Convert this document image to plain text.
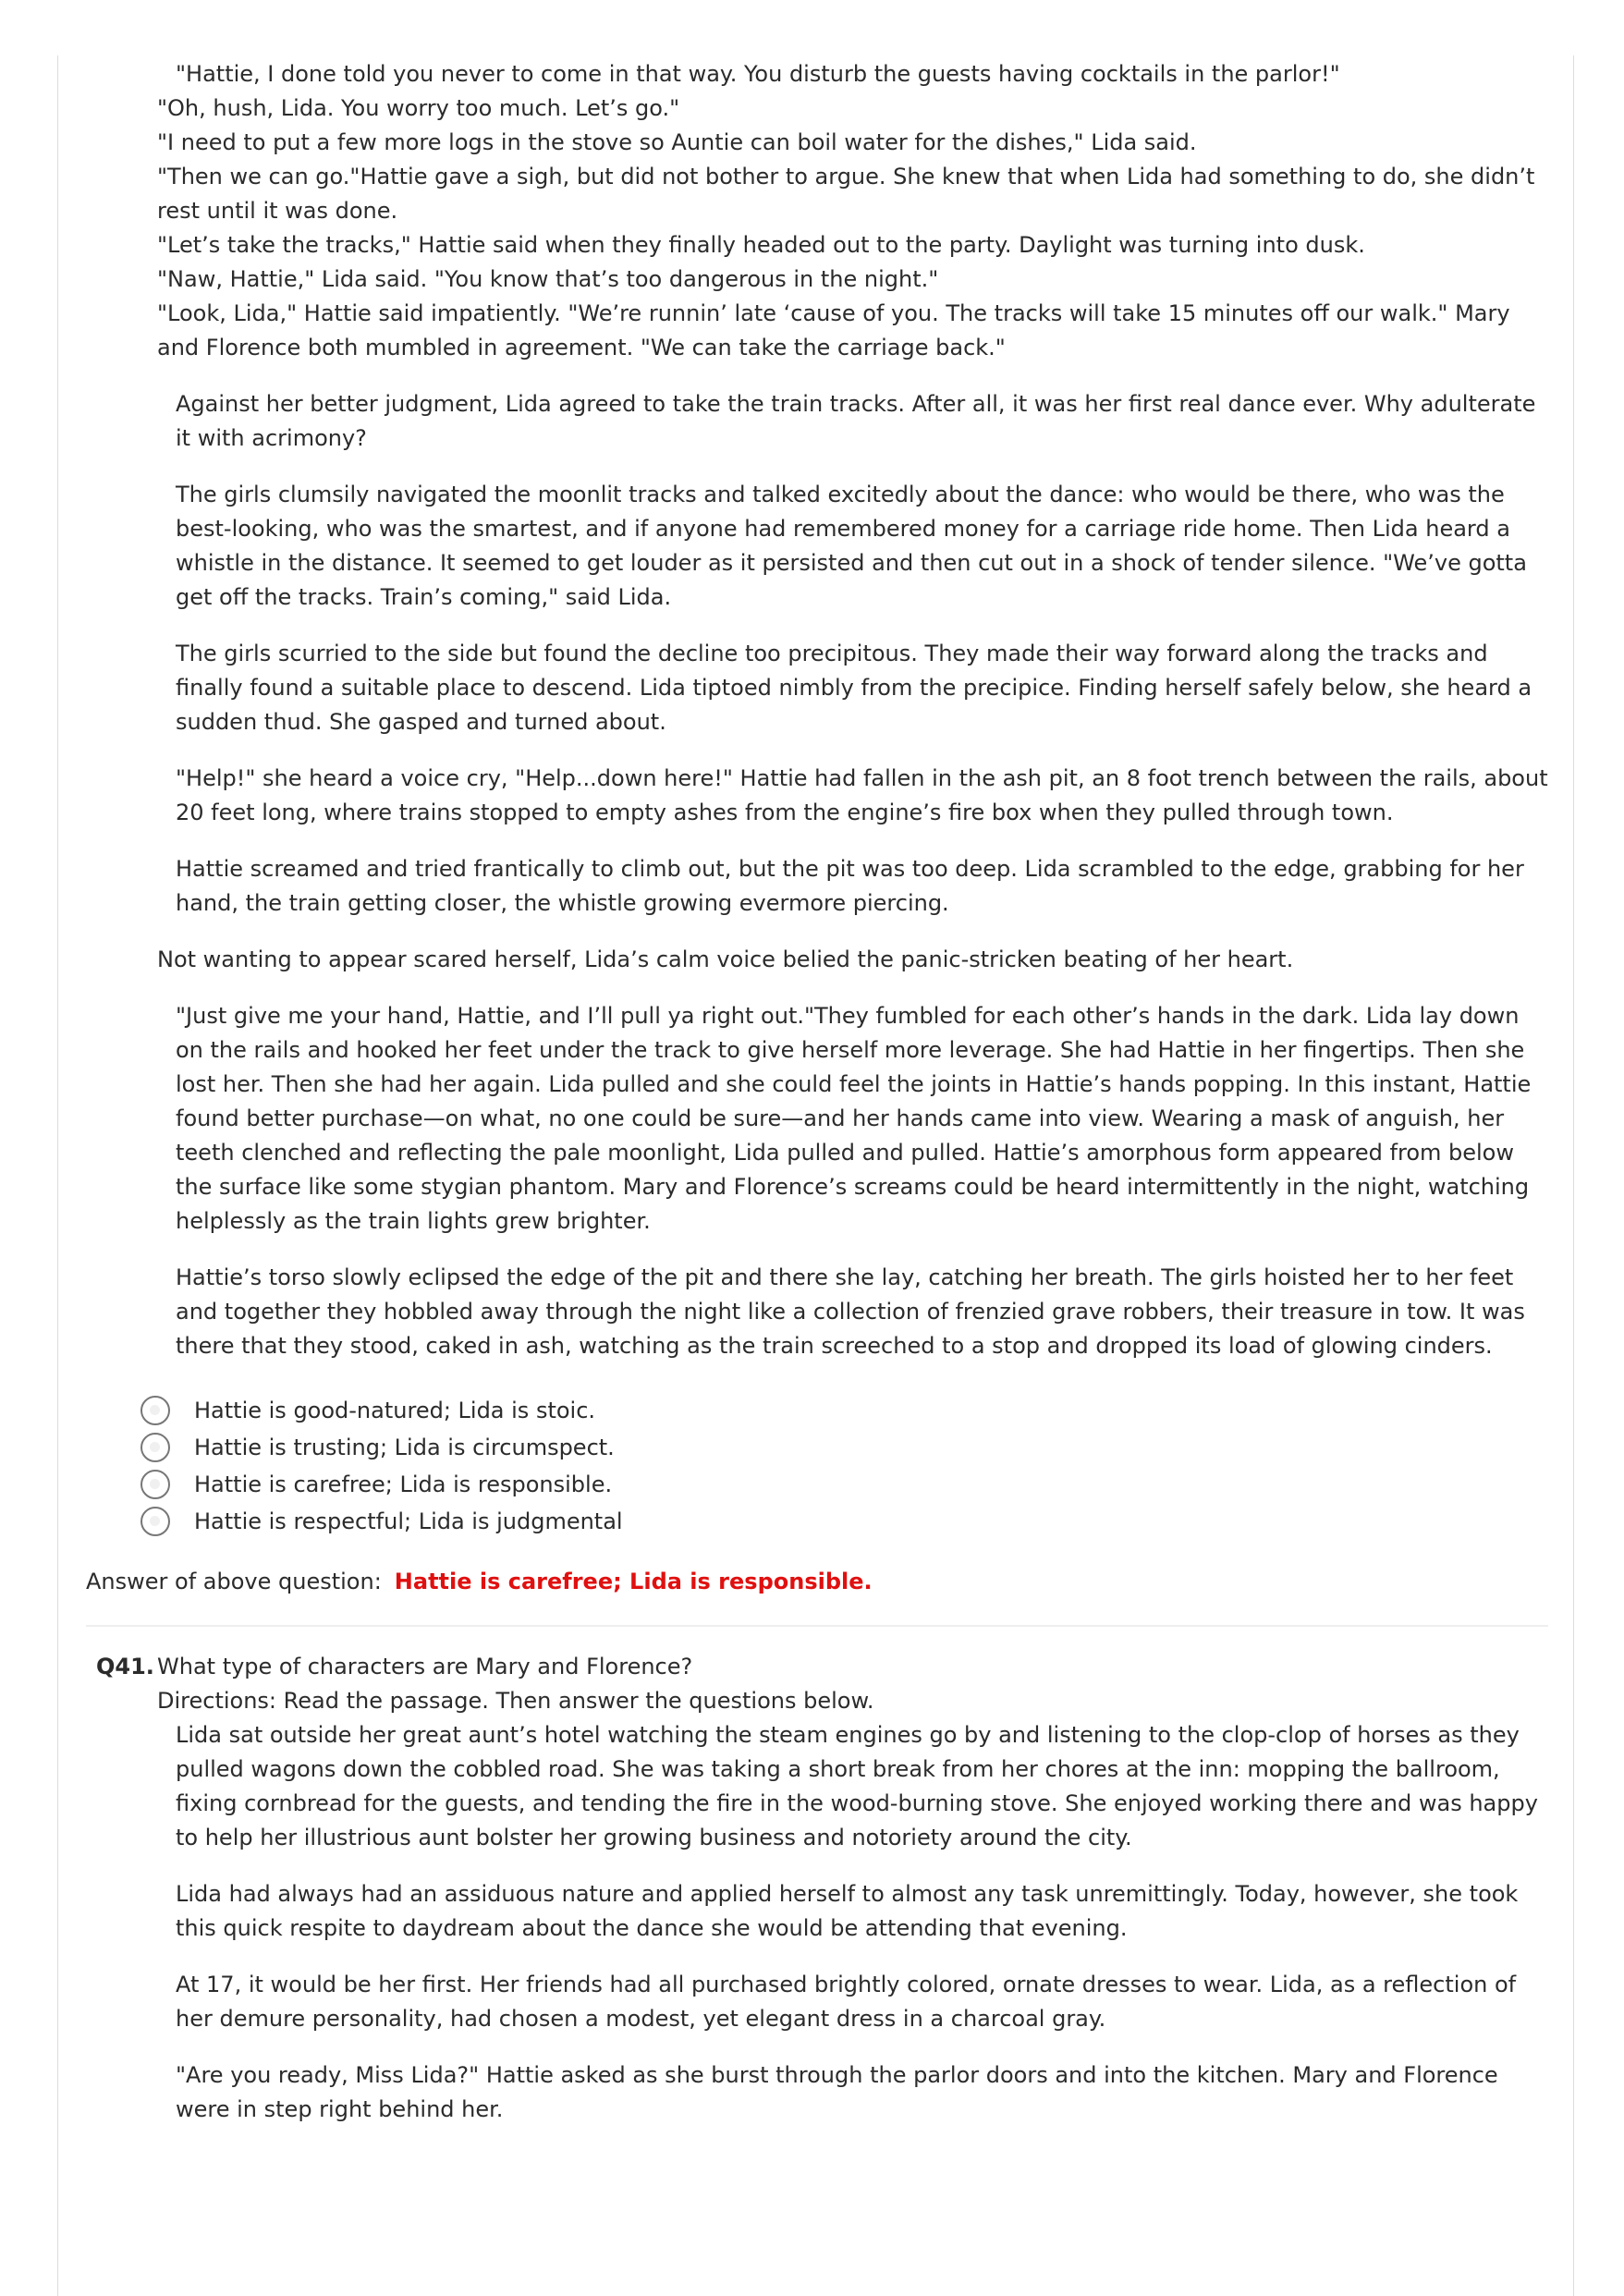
"Hattie, I done told you never to come in that way. You disturb the guests having cocktails in the parlor!"
"Oh, hush, Lida. You worry too much. Let’s go."
"I need to put a few more logs in the stove so Auntie can boil water for the dishes," Lida said.
"Then we can go."Hattie gave a sigh, but did not bother to argue. She knew that when Lida had something to do, she didn’t rest until it was done.
"Let’s take the tracks," Hattie said when they finally headed out to the party. Daylight was turning into dusk.
"Naw, Hattie," Lida said. "You know that’s too dangerous in the night."
"Look, Lida," Hattie said impatiently. "We’re runnin’ late ‘cause of you. The tracks will take 15 minutes off our walk." Mary and Florence both mumbled in agreement. "We can take the carriage back."

Against her better judgment, Lida agreed to take the train tracks. After all, it was her first real dance ever. Why adulterate it with acrimony?

The girls clumsily navigated the moonlit tracks and talked excitedly about the dance: who would be there, who was the best-looking, who was the smartest, and if anyone had remembered money for a carriage ride home. Then Lida heard a whistle in the distance. It seemed to get louder as it persisted and then cut out in a shock of tender silence. "We’ve gotta get off the tracks. Train’s coming," said Lida.

The girls scurried to the side but found the decline too precipitous. They made their way forward along the tracks and finally found a suitable place to descend. Lida tiptoed nimbly from the precipice. Finding herself safely below, she heard a sudden thud. She gasped and turned about.

"Help!" she heard a voice cry, "Help...down here!" Hattie had fallen in the ash pit, an 8 foot trench between the rails, about 20 feet long, where trains stopped to empty ashes from the engine’s fire box when they pulled through town.

Hattie screamed and tried frantically to climb out, but the pit was too deep. Lida scrambled to the edge, grabbing for her hand, the train getting closer, the whistle growing evermore piercing.

Not wanting to appear scared herself, Lida’s calm voice belied the panic-stricken beating of her heart.

"Just give me your hand, Hattie, and I’ll pull ya right out."They fumbled for each other’s hands in the dark. Lida lay down on the rails and hooked her feet under the track to give herself more leverage. She had Hattie in her fingertips. Then she lost her. Then she had her again. Lida pulled and she could feel the joints in Hattie’s hands popping. In this instant, Hattie found better purchase—on what, no one could be sure—and her hands came into view. Wearing a mask of anguish, her teeth clenched and reflecting the pale moonlight, Lida pulled and pulled. Hattie’s amorphous form appeared from below the surface like some stygian phantom. Mary and Florence’s screams could be heard intermittently in the night, watching helplessly as the train lights grew brighter.

Hattie’s torso slowly eclipsed the edge of the pit and there she lay, catching her breath. The girls hoisted her to her feet and together they hobbled away through the night like a collection of frenzied grave robbers, their treasure in tow. It was there that they stood, caked in ash, watching as the train screeched to a stop and dropped its load of glowing cinders.

Hattie is good-natured; Lida is stoic.
Hattie is trusting; Lida is circumspect.
Hattie is carefree; Lida is responsible.
Hattie is respectful; Lida is judgmental
Answer of above question: Hattie is carefree; Lida is responsible.
Q41. What type of characters are Mary and Florence?
Directions: Read the passage. Then answer the questions below.

Lida sat outside her great aunt’s hotel watching the steam engines go by and listening to the clop-clop of horses as they pulled wagons down the cobbled road. She was taking a short break from her chores at the inn: mopping the ballroom, fixing cornbread for the guests, and tending the fire in the wood-burning stove. She enjoyed working there and was happy to help her illustrious aunt bolster her growing business and notoriety around the city.

Lida had always had an assiduous nature and applied herself to almost any task unremittingly. Today, however, she took this quick respite to daydream about the dance she would be attending that evening.

At 17, it would be her first. Her friends had all purchased brightly colored, ornate dresses to wear. Lida, as a reflection of her demure personality, had chosen a modest, yet elegant dress in a charcoal gray.

"Are you ready, Miss Lida?" Hattie asked as she burst through the parlor doors and into the kitchen. Mary and Florence were in step right behind her.
